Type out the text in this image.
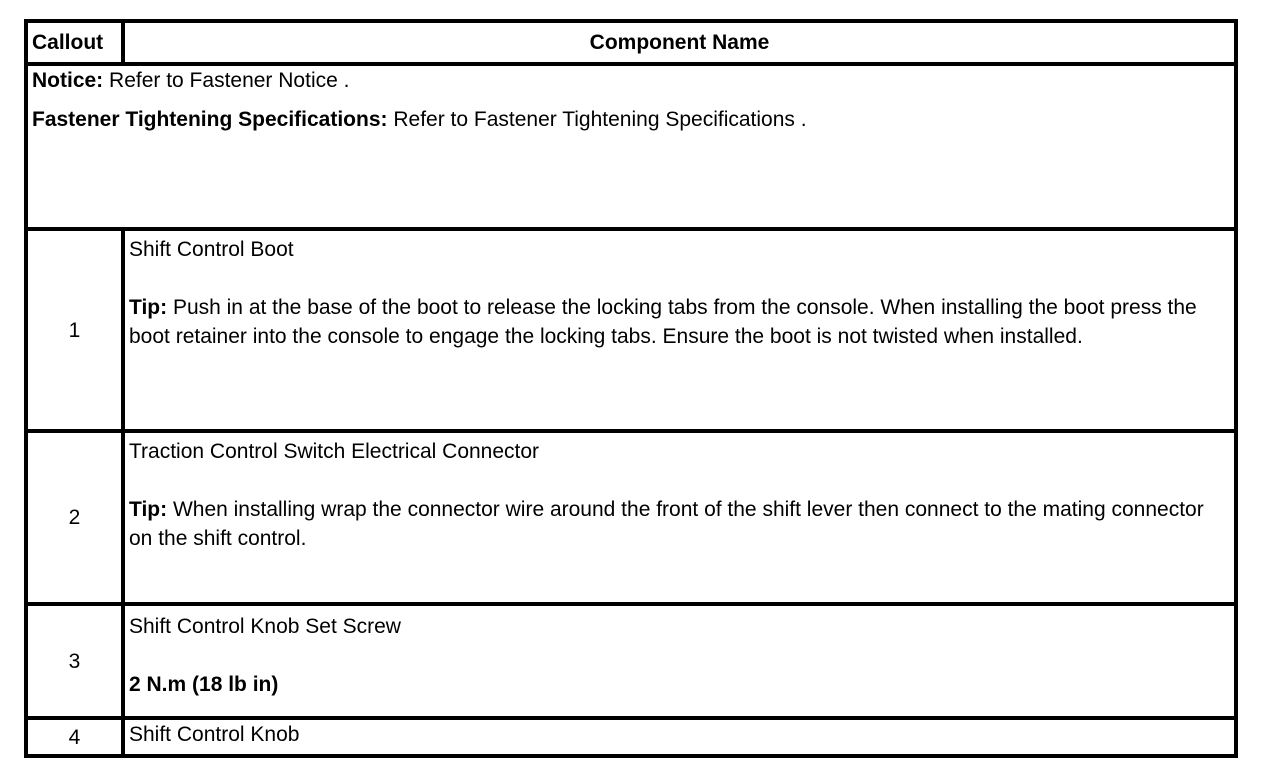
Callout	Component Name

Notice: Refer to Fastener Notice .
Fastener Tightening Specifications: Refer to Fastener Tightening Specifications .	

1	Shift Control Boot
Tip: Push in at the base of the boot to release the locking tabs from the console. When installing the boot press the boot retainer into the console to engage the locking tabs. Ensure the boot is not twisted when installed.

2	Traction Control Switch Electrical Connector
Tip: When installing wrap the connector wire around the front of the shift lever then connect to the mating connector on the shift control.

3	Shift Control Knob Set Screw
2 N.m (18 lb in)

4	Shift Control Knob
